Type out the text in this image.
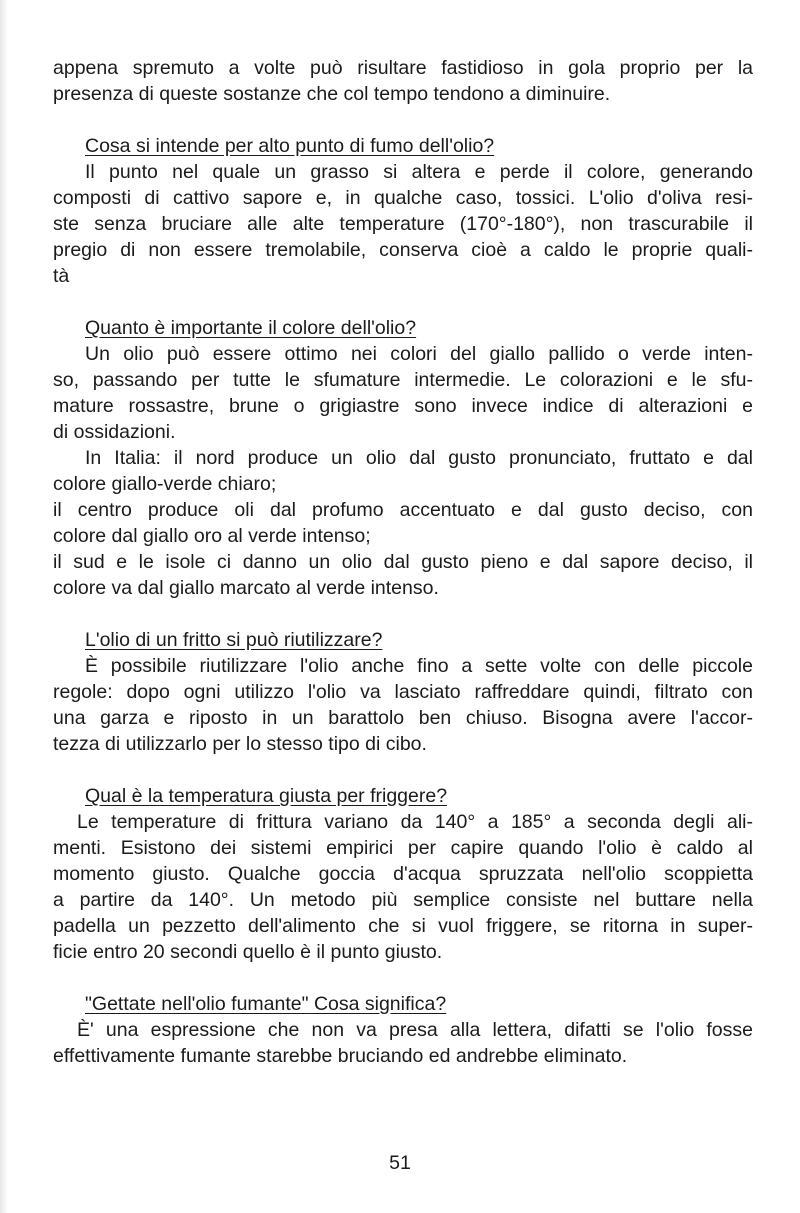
appena spremuto a volte può risultare fastidioso in gola proprio per la
presenza di queste sostanze che col tempo tendono a diminuire.
Cosa si intende per alto punto di fumo dell'olio?
Il punto nel quale un grasso si altera e perde il colore, generando
composti di cattivo sapore e, in qualche caso, tossici. L'olio d'oliva resi-
ste senza bruciare alle alte temperature (170°-180°), non trascurabile il
pregio di non essere tremolabile, conserva cioè a caldo le proprie quali-
tà
Quanto è importante il colore dell'olio?
Un olio può essere ottimo nei colori del giallo pallido o verde inten-
so, passando per tutte le sfumature intermedie. Le colorazioni e le sfu-
mature rossastre, brune o grigiastre sono invece indice di alterazioni e
di ossidazioni.
In Italia: il nord produce un olio dal gusto pronunciato, fruttato e dal
colore giallo-verde chiaro;
il centro produce oli dal profumo accentuato e dal gusto deciso, con
colore dal giallo oro al verde intenso;
il sud e le isole ci danno un olio dal gusto pieno e dal sapore deciso, il
colore va dal giallo marcato al verde intenso.
L'olio di un fritto si può riutilizzare?
È possibile riutilizzare l'olio anche fino a sette volte con delle piccole
regole: dopo ogni utilizzo l'olio va lasciato raffreddare quindi, filtrato con
una garza e riposto in un barattolo ben chiuso. Bisogna avere l'accor-
tezza di utilizzarlo per lo stesso tipo di cibo.
Qual è la temperatura giusta per friggere?
Le temperature di frittura variano da 140° a 185° a seconda degli ali-
menti. Esistono dei sistemi empirici per capire quando l'olio è caldo al
momento giusto. Qualche goccia d'acqua spruzzata nell'olio scoppietta
a partire da 140°. Un metodo più semplice consiste nel buttare nella
padella un pezzetto dell'alimento che si vuol friggere, se ritorna in super-
ficie entro 20 secondi quello è il punto giusto.
"Gettate nell'olio fumante" Cosa significa?
È' una espressione che non va presa alla lettera, difatti se l'olio fosse
effettivamente fumante starebbe bruciando ed andrebbe eliminato.
51
